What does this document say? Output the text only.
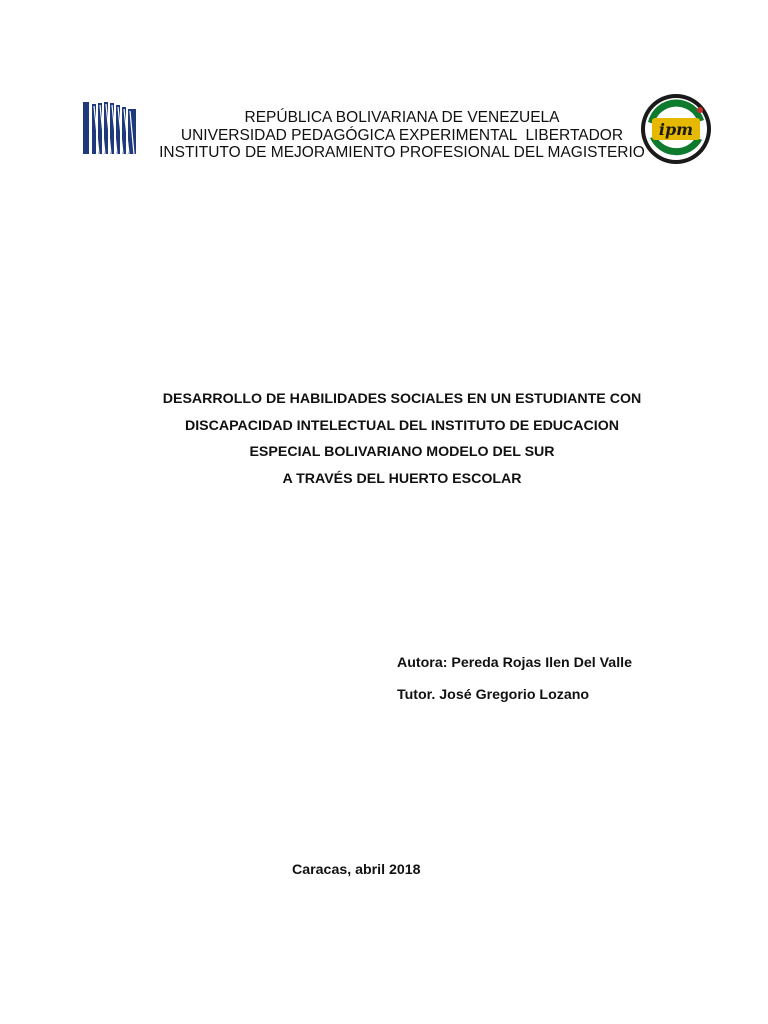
REPÚBLICA BOLIVARIANA DE VENEZUELA
UNIVERSIDAD PEDAGÓGICA EXPERIMENTAL  LIBERTADOR
INSTITUTO DE MEJORAMIENTO PROFESIONAL DEL MAGISTERIO
ipm
DESARROLLO DE HABILIDADES SOCIALES EN UN ESTUDIANTE CON
DISCAPACIDAD INTELECTUAL DEL INSTITUTO DE EDUCACION
ESPECIAL BOLIVARIANO MODELO DEL SUR
A TRAVÉS DEL HUERTO ESCOLAR
Autora: Pereda Rojas Ilen Del Valle
Tutor. José Gregorio Lozano
Caracas, abril 2018
